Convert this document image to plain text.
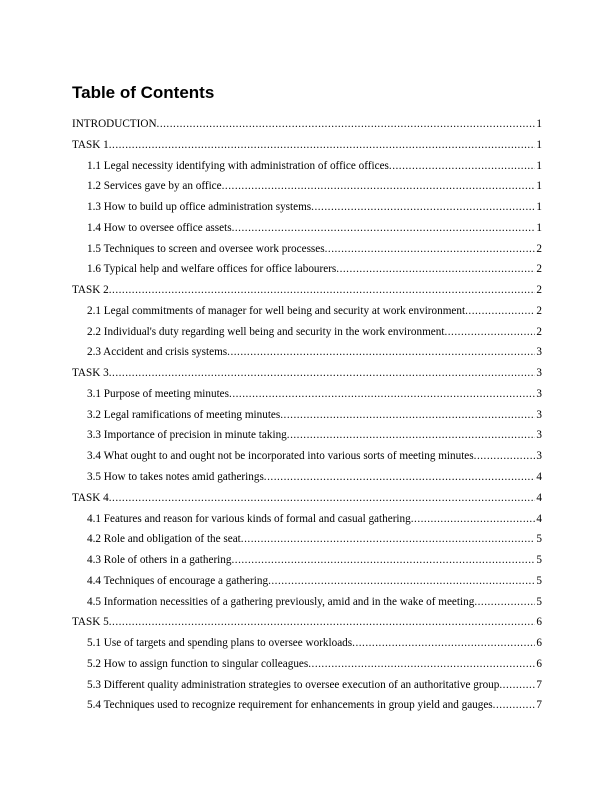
Table of Contents
INTRODUCTION .....	1
TASK 1 .....	1
1.1 Legal necessity identifying with administration of office offices .....	1
1.2 Services gave by an office .....	1
1.3 How to build up office administration systems .....	1
1.4 How to oversee office assets .....	1
1.5 Techniques to screen and oversee work processes .....	2
1.6 Typical help and welfare offices for office labourers .....	2
TASK 2 .....	2
2.1 Legal commitments of manager for well being and security at work environment .....	2
2.2 Individual's duty regarding well being and security in the work environment .....	2
2.3 Accident and crisis systems .....	3
TASK 3 .....	3
3.1 Purpose of meeting minutes .....	3
3.2 Legal ramifications of meeting minutes .....	3
3.3 Importance of precision in minute taking .....	3
3.4 What ought to and ought not be incorporated into various sorts of meeting minutes .....	3
3.5 How to takes notes amid gatherings .....	4
TASK 4 .....	4
4.1 Features and reason for various kinds of formal and casual gathering .....	4
4.2 Role and obligation of the seat .....	5
4.3 Role of others in a gathering .....	5
4.4 Techniques of encourage a gathering .....	5
4.5 Information necessities of a gathering previously, amid and in the wake of meeting .....	5
TASK 5 .....	6
5.1 Use of targets and spending plans to oversee workloads .....	6
5.2 How to assign function to singular colleagues .....	6
5.3 Different quality administration strategies to oversee execution of an authoritative group .....	7
5.4 Techniques used to recognize requirement for enhancements in group yield and gauges .....	7
